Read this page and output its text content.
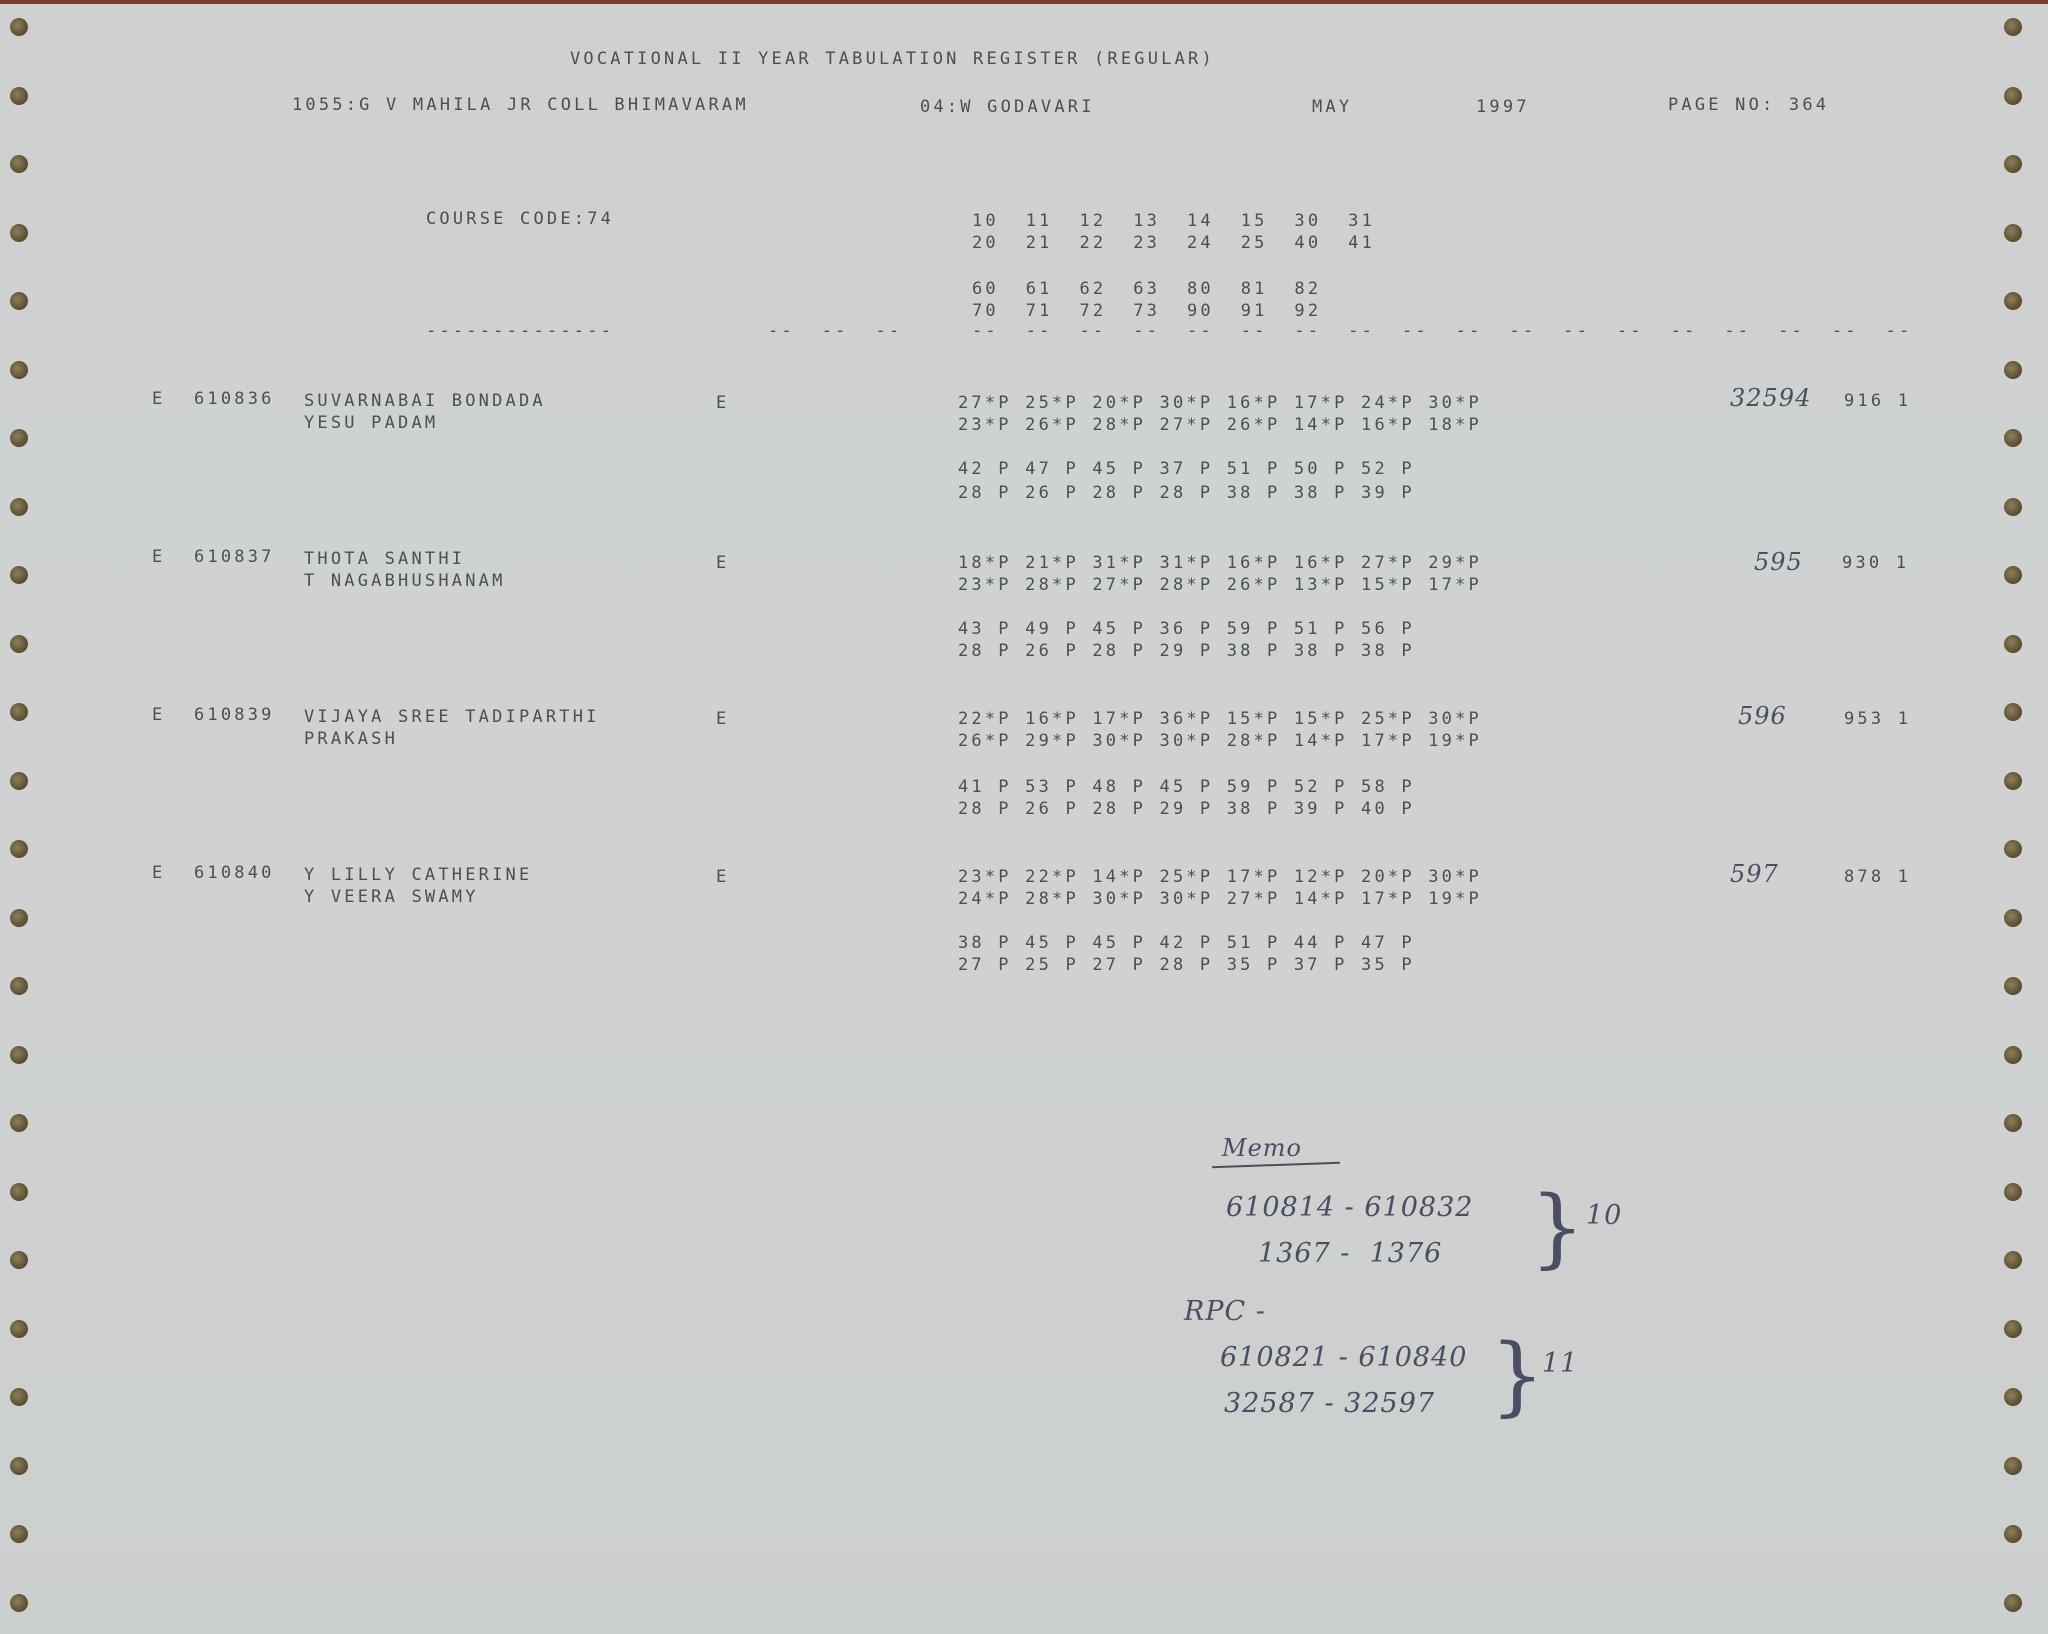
VOCATIONAL II YEAR TABULATION REGISTER (REGULAR)
1055:G V MAHILA JR COLL BHIMAVARAM	04:W GODAVARI	MAY	1997	PAGE NO: 364
COURSE CODE:74	10  11  12  13  14  15  30  31
20  21  22  23  24  25  40  41
60  61  62  63  80  81  82
70  71  72  73  90  91  92
--------------	--  --  --	--  --  --  --  --  --  --  --  --  --  --  --  --  --  --  --  --  --
E 610836 SUVARNABAI BONDADA
YESU PADAM
E	27*P 25*P 20*P 30*P 16*P 17*P 24*P 30*P
23*P 26*P 28*P 27*P 26*P 14*P 16*P 18*P
42 P 47 P 45 P 37 P 51 P 50 P 52 P
28 P 26 P 28 P 28 P 38 P 38 P 39 P
32594 916 1
E 610837 THOTA SANTHI
T NAGABHUSHANAM
E	18*P 21*P 31*P 31*P 16*P 16*P 27*P 29*P
23*P 28*P 27*P 28*P 26*P 13*P 15*P 17*P
43 P 49 P 45 P 36 P 59 P 51 P 56 P
28 P 26 P 28 P 29 P 38 P 38 P 38 P
595 930 1
E 610839 VIJAYA SREE TADIPARTHI
PRAKASH
E	22*P 16*P 17*P 36*P 15*P 15*P 25*P 30*P
26*P 29*P 30*P 30*P 28*P 14*P 17*P 19*P
41 P 53 P 48 P 45 P 59 P 52 P 58 P
28 P 26 P 28 P 29 P 38 P 39 P 40 P
596	953 1
E 610840 Y LILLY CATHERINE
Y VEERA SWAMY
E	23*P 22*P 14*P 25*P 17*P 12*P 20*P 30*P
24*P 28*P 30*P 30*P 27*P 14*P 17*P 19*P
38 P 45 P 45 P 42 P 51 P 44 P 47 P
27 P 25 P 27 P 28 P 35 P 37 P 35 P
597	878 1
Memo
610814 - 610832
1367 -  1376 } 10
RPC -
610821 - 610840
32587 - 32597 }
11
